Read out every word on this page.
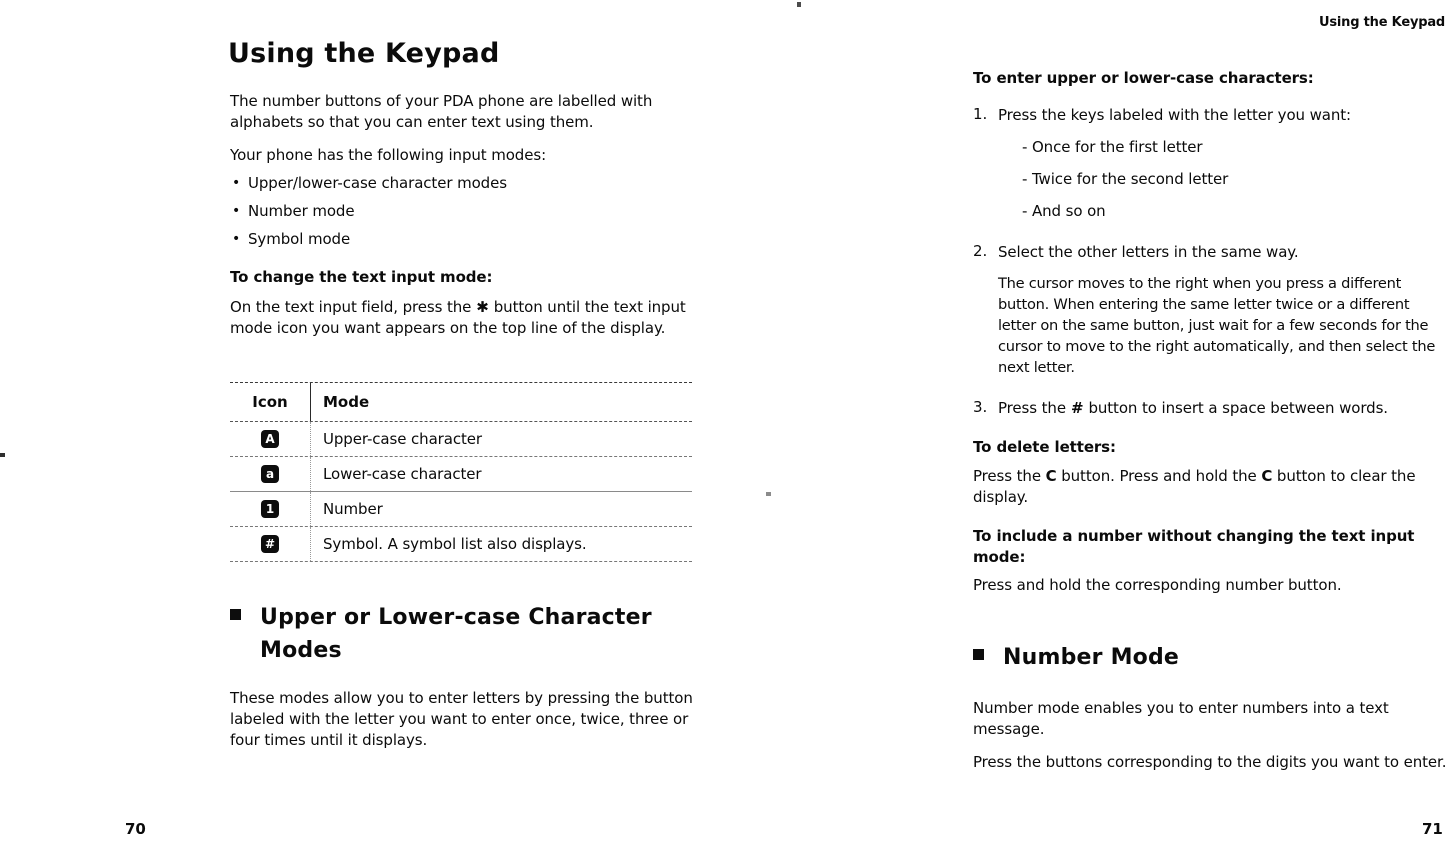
Using the Keypad
The number buttons of your PDA phone are labelled with alphabets so that you can enter text using them.
Your phone has the following input modes:
• Upper/lower-case character modes
• Number mode
• Symbol mode
To change the text input mode:
On the text input field, press the ✱ button until the text input mode icon you want appears on the top line of the display.
Icon	Mode
A	Upper-case character
a	Lower-case character
1	Number
#	Symbol. A symbol list also displays.
Upper or Lower-case Character Modes
These modes allow you to enter letters by pressing the button labeled with the letter you want to enter once, twice, three or four times until it displays.
70
Using the Keypad
To enter upper or lower-case characters:
1. Press the keys labeled with the letter you want:
- Once for the first letter
- Twice for the second letter
- And so on
2. Select the other letters in the same way.
The cursor moves to the right when you press a different button. When entering the same letter twice or a different letter on the same button, just wait for a few seconds for the cursor to move to the right automatically, and then select the next letter.
3. Press the # button to insert a space between words.
To delete letters:
Press the C button. Press and hold the C button to clear the display.
To include a number without changing the text input mode:
Press and hold the corresponding number button.
Number Mode
Number mode enables you to enter numbers into a text message.
Press the buttons corresponding to the digits you want to enter.
71
